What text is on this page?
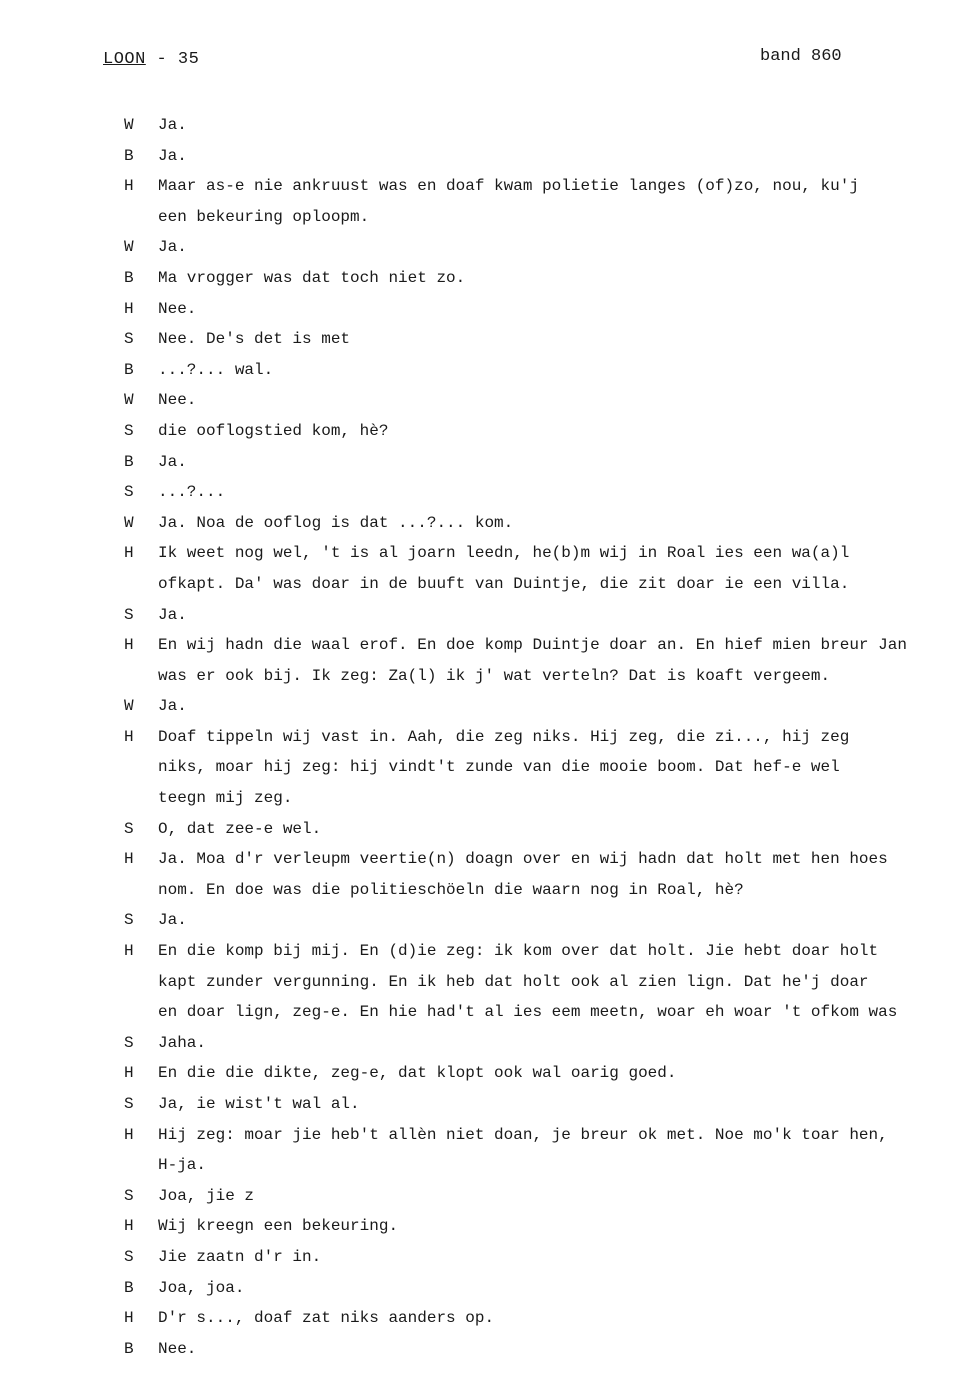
LOON - 35	band 860
W	Ja.
B	Ja.
H	Maar as-e nie ankruust was en doaf kwam polietie langes (of)zo, nou, ku'j
een bekeuring oploopm.
W	Ja.
B	Ma vrogger was dat toch niet zo.
H	Nee.
S	Nee. De's det is met
B	...?... wal.
W	Nee.
S	die ooflogstied kom, hè?
B	Ja.
S	...?...
W	Ja. Noa de ooflog is dat ...?... kom.
H	Ik weet nog wel, 't is al joarn leedn, he(b)m wij in Roal ies een wa(a)l
ofkapt. Da' was doar in de buuft van Duintje, die zit doar ie een villa.
S	Ja.
H	En wij hadn die waal erof. En doe komp Duintje doar an. En hief mien breur Jan
was er ook bij. Ik zeg: Za(l) ik j' wat verteln? Dat is koaft vergeem.
W	Ja.
H	Doaf tippeln wij vast in. Aah, die zeg niks. Hij zeg, die zi..., hij zeg
niks, moar hij zeg: hij vindt't zunde van die mooie boom. Dat hef-e wel
teegn mij zeg.
S	O, dat zee-e wel.
H	Ja. Moa d'r verleupm veertie(n) doagn over en wij hadn dat holt met hen hoes
nom. En doe was die politieschöeln die waarn nog in Roal, hè?
S	Ja.
H	En die komp bij mij. En (d)ie zeg: ik kom over dat holt. Jie hebt doar holt
kapt zunder vergunning. En ik heb dat holt ook al zien lign. Dat he'j doar
en doar lign, zeg-e. En hie had't al ies eem meetn, woar eh woar 't ofkom was
S	Jaha.
H	En die die dikte, zeg-e, dat klopt ook wal oarig goed.
S	Ja, ie wist't wal al.
H	Hij zeg: moar jie heb't allèn niet doan, je breur ok met. Noe mo'k toar hen,
H-ja.
S	Joa, jie z
H	Wij kreegn een bekeuring.
S	Jie zaatn d'r in.
B	Joa, joa.
H	D'r s..., doaf zat niks aanders op.
B	Nee.
